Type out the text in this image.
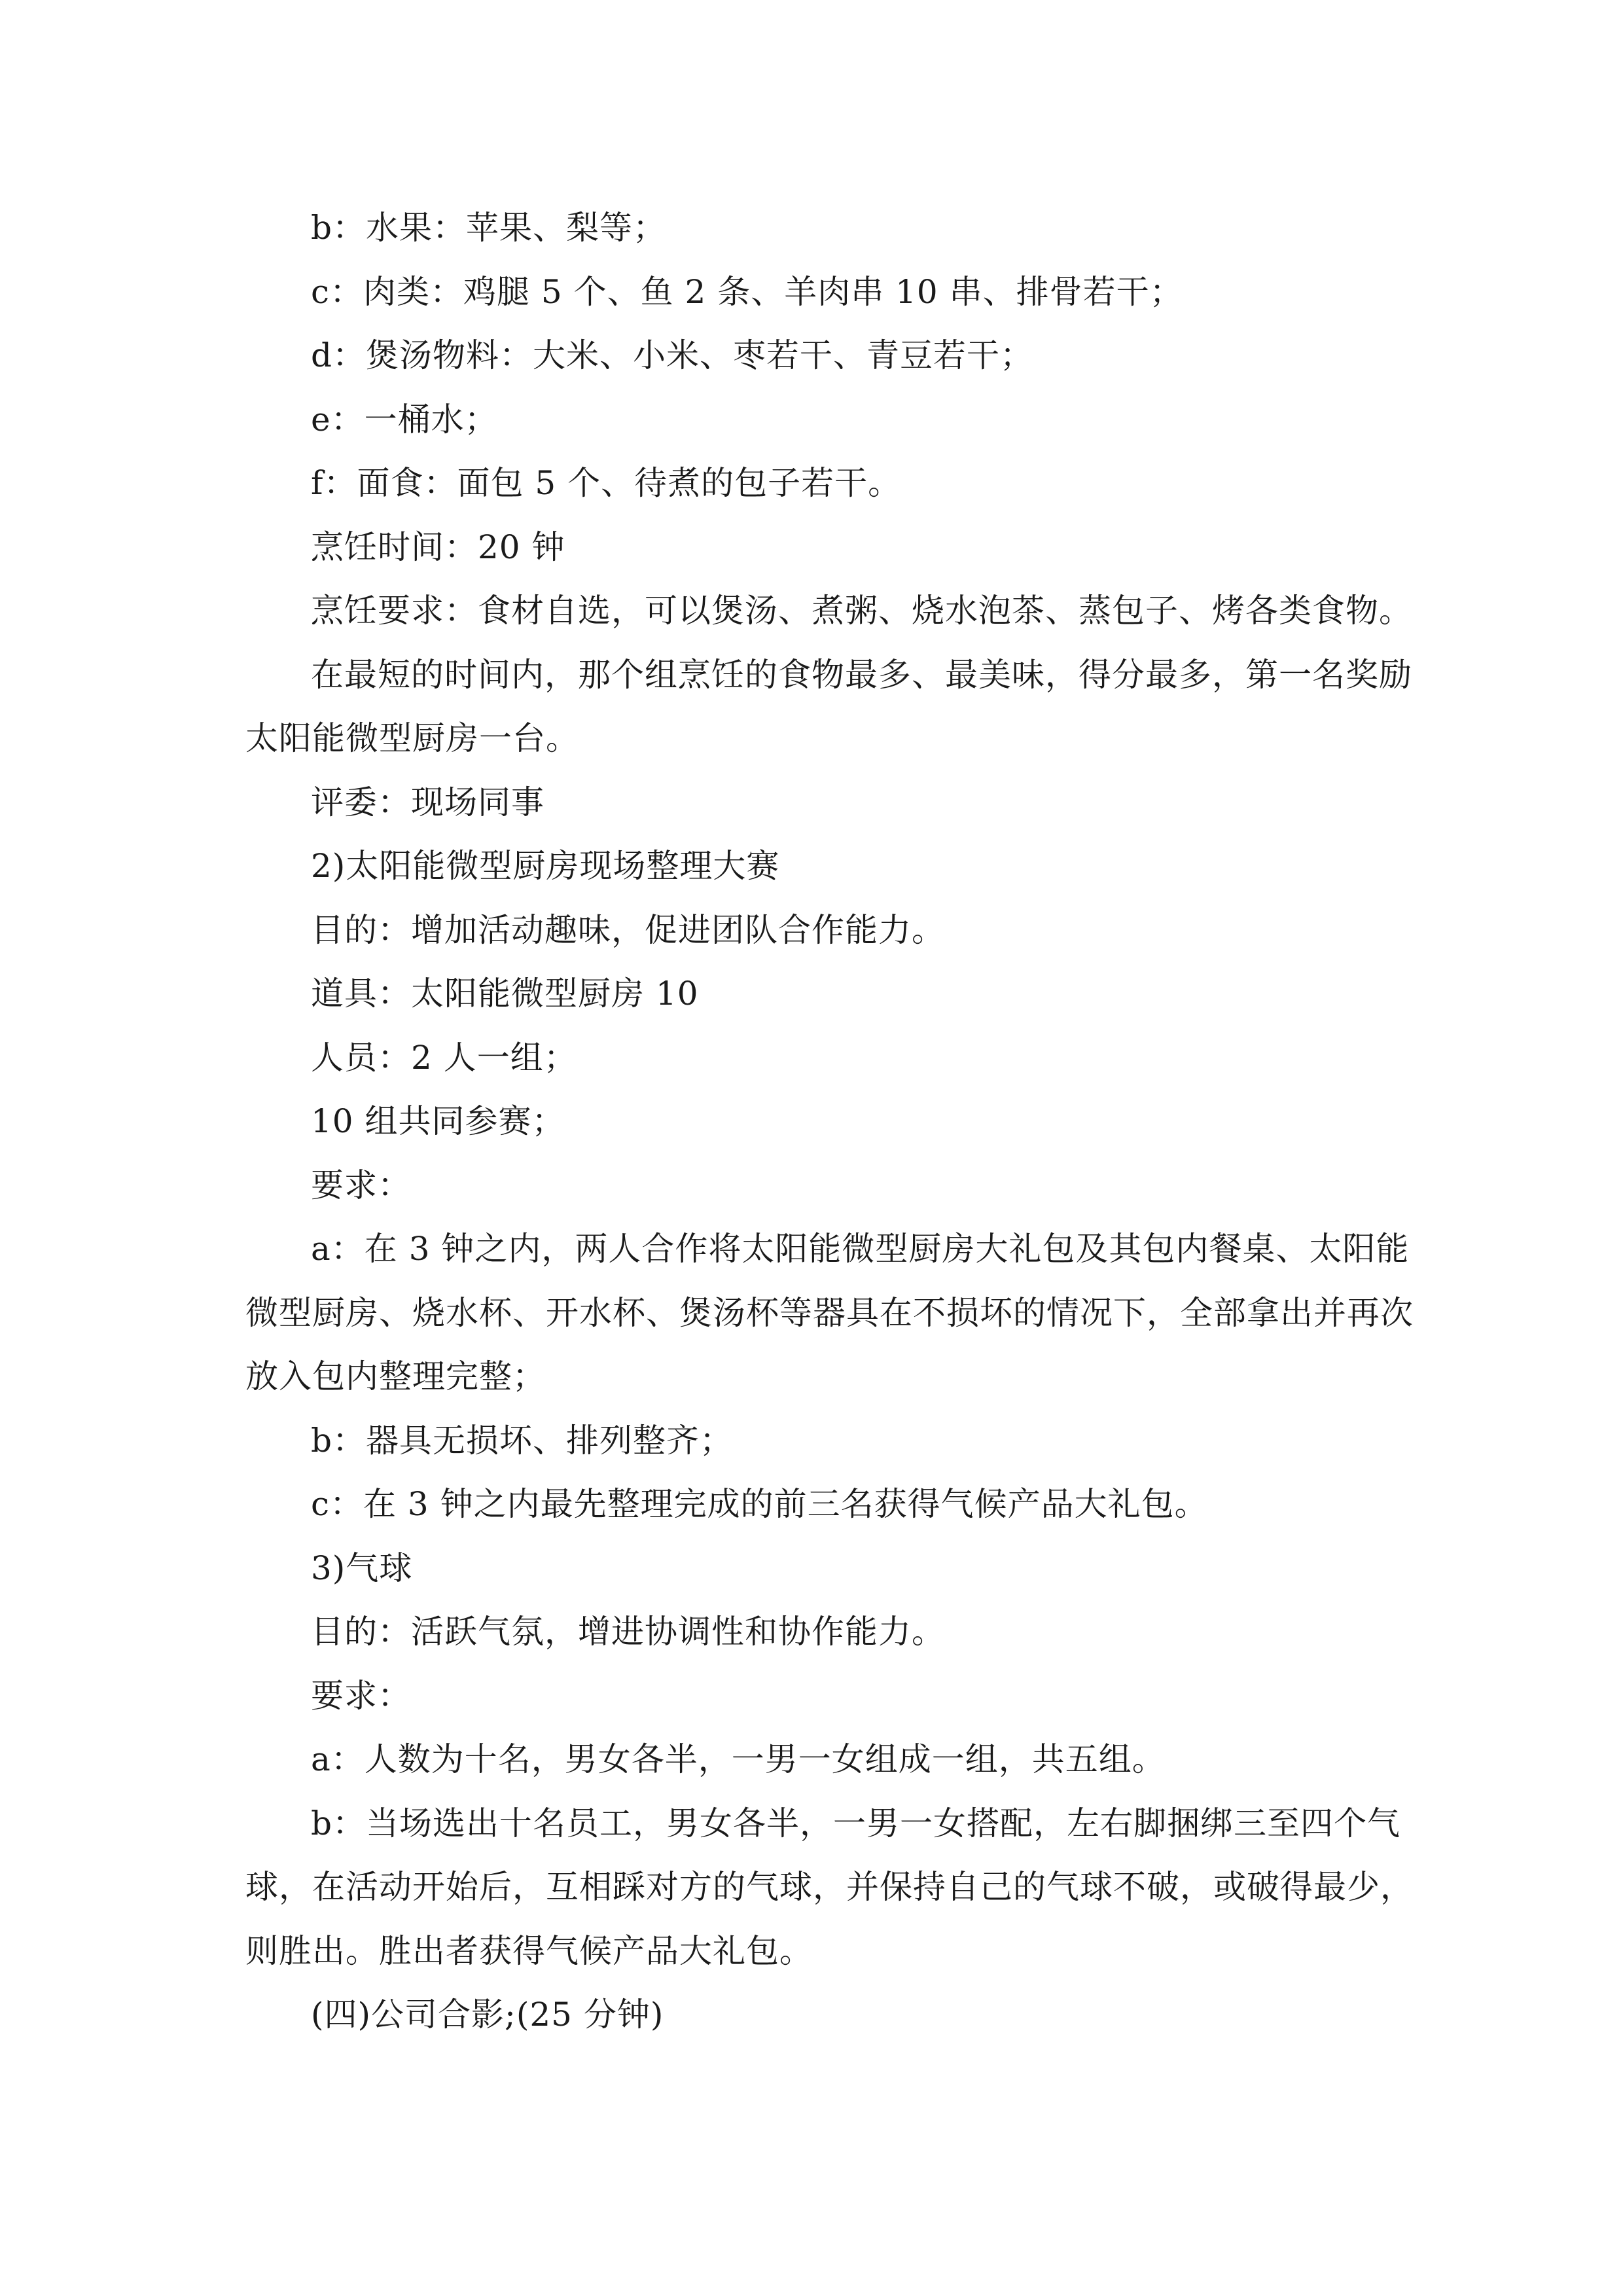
b：水果：苹果、梨等；

c：肉类：鸡腿 5 个、鱼 2 条、羊肉串 10 串、排骨若干；

d：煲汤物料：大米、小米、枣若干、青豆若干；

e：一桶水；

f：面食：面包 5 个、待煮的包子若干。

烹饪时间：20 钟

烹饪要求：食材自选，可以煲汤、煮粥、烧水泡茶、蒸包子、烤各类食物。

在最短的时间内，那个组烹饪的食物最多、最美味，得分最多，第一名奖励太阳能微型厨房一台。

评委：现场同事

2)太阳能微型厨房现场整理大赛

目的：增加活动趣味，促进团队合作能力。

道具：太阳能微型厨房 10

人员：2 人一组；

10 组共同参赛；

要求：

a：在 3 钟之内，两人合作将太阳能微型厨房大礼包及其包内餐桌、太阳能微型厨房、烧水杯、开水杯、煲汤杯等器具在不损坏的情况下，全部拿出并再次放入包内整理完整；

b：器具无损坏、排列整齐；

c：在 3 钟之内最先整理完成的前三名获得气候产品大礼包。

3)气球

目的：活跃气氛，增进协调性和协作能力。

要求：

a：人数为十名，男女各半，一男一女组成一组，共五组。

b：当场选出十名员工，男女各半，一男一女搭配，左右脚捆绑三至四个气球，在活动开始后，互相踩对方的气球，并保持自己的气球不破，或破得最少，则胜出。胜出者获得气候产品大礼包。

(四)公司合影;(25 分钟)
